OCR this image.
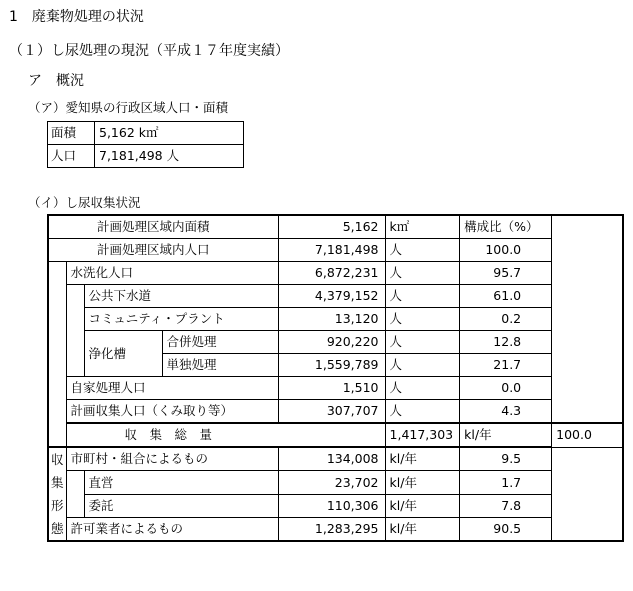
1　廃棄物処理の状況
（１）し尿処理の現況（平成１７年度実績）
ア　概況
（ア）愛知県の行政区域人口・面積
面積	5,162 k㎡
人口	7,181,498 人
（イ）し尿収集状況
計画処理区域内面積				5,162	k㎡	構成比（%）	
計画処理区域内人口				7,181,498	人	100.0	
	水洗化人口			6,872,231	人	95.7	
		公共下水道		4,379,152	人	61.0	
		コミュニティ・プラント		13,120	人	0.2	
		浄化槽	合併処理	920,220	人	12.8	
			単独処理	1,559,789	人	21.7	
	自家処理人口			1,510	人	0.0	
	計画収集人口（くみ取り等）			307,707	人	4.3	
	収　集　総　量				1,417,303	kl/年	100.0

収
集
形
態	市町村・組合によるもの			134,008	kl/年	9.5	
		直営		23,702	kl/年	1.7	
		委託		110,306	kl/年	7.8	
	許可業者によるもの			1,283,295	kl/年	90.5	
